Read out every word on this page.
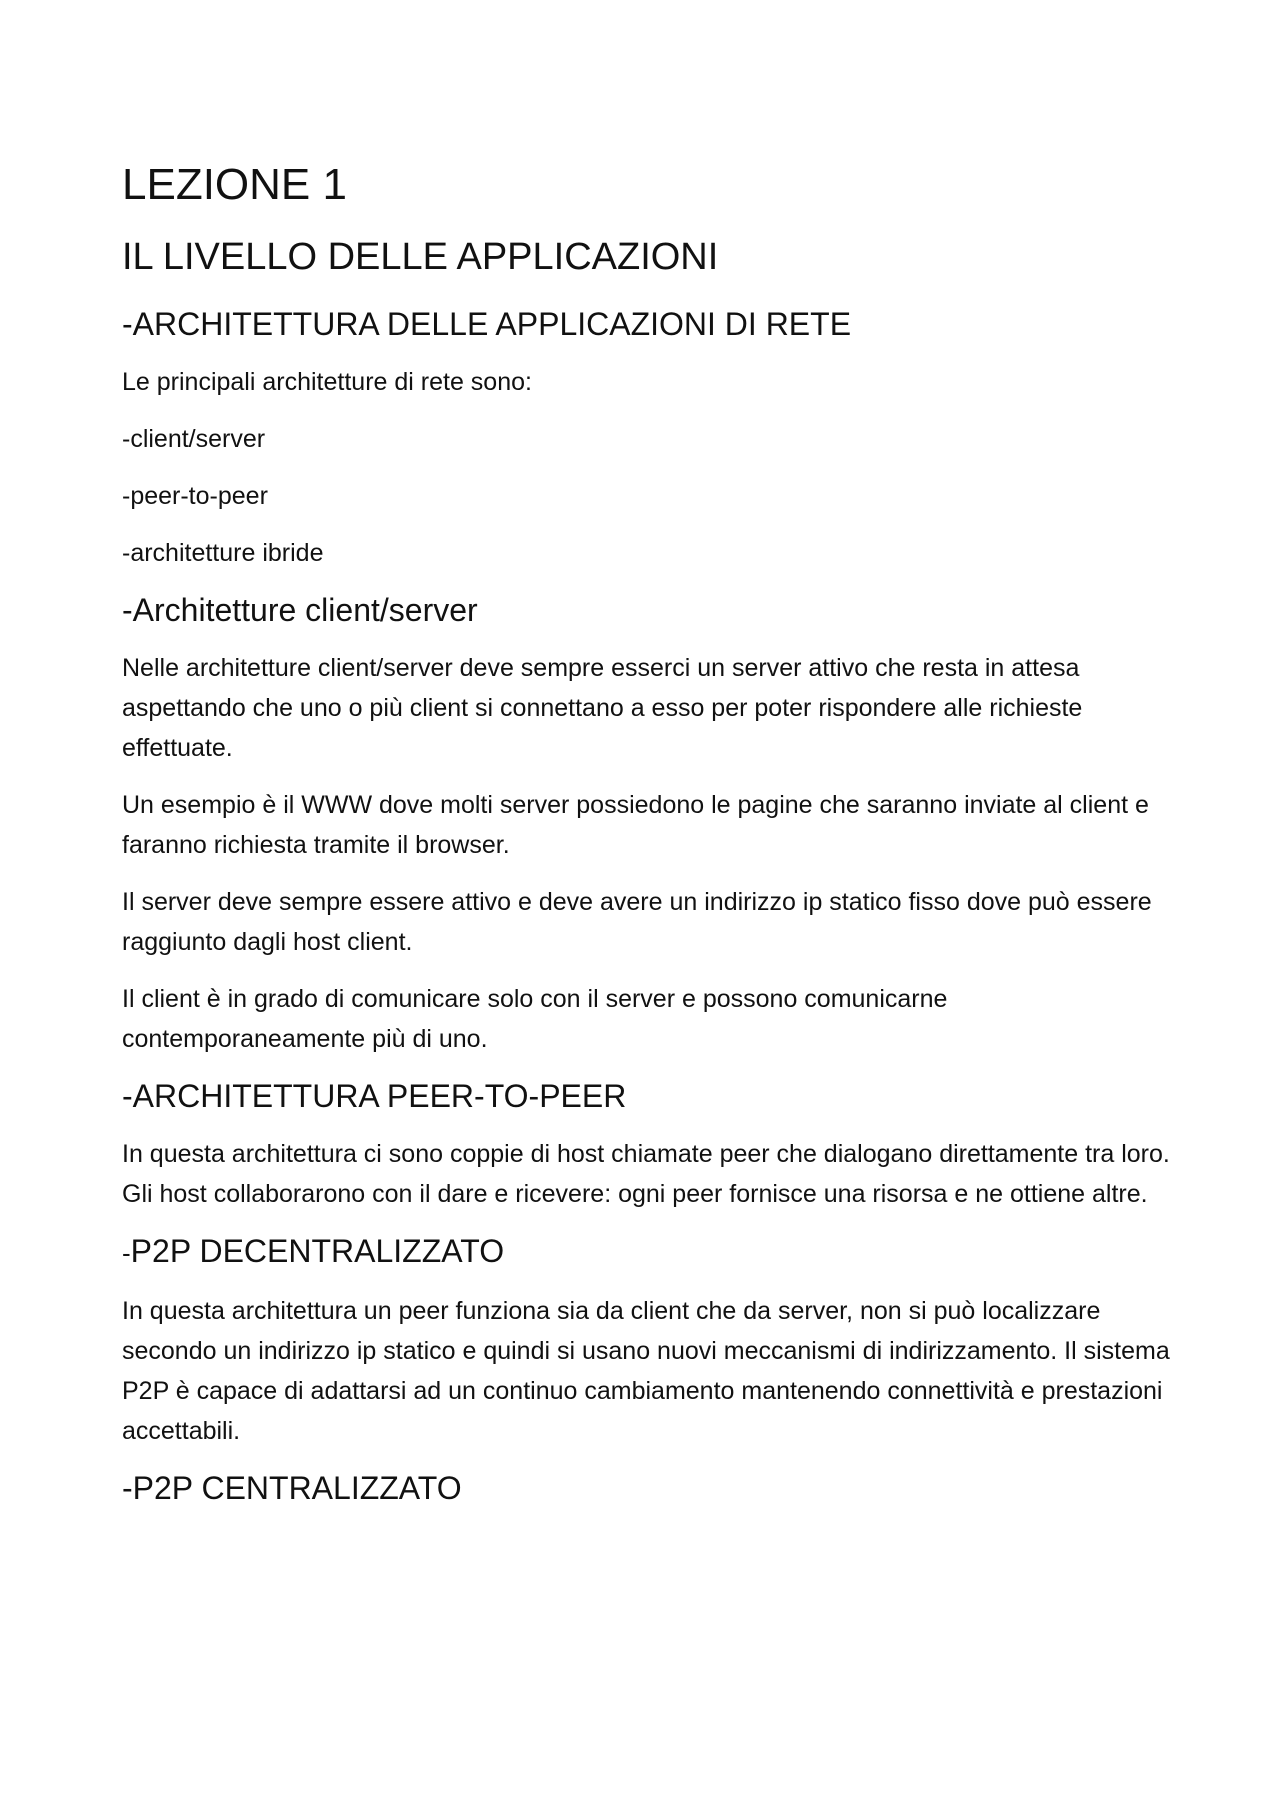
LEZIONE 1
IL LIVELLO DELLE APPLICAZIONI
-ARCHITETTURA DELLE APPLICAZIONI DI RETE

Le principali architetture di rete sono:

-client/server

-peer-to-peer

-architetture ibride

-Architetture client/server

Nelle architetture client/server deve sempre esserci un server attivo che resta in attesa aspettando che uno o più client si connettano a esso per poter rispondere alle richieste effettuate.

Un esempio è il WWW dove molti server possiedono le pagine che saranno inviate al client e faranno richiesta tramite il browser.

Il server deve sempre essere attivo e deve avere un indirizzo ip statico fisso dove può essere raggiunto dagli host client.

Il client è in grado di comunicare solo con il server e possono comunicarne contemporaneamente più di uno.

-ARCHITETTURA PEER-TO-PEER

In questa architettura ci sono coppie di host chiamate peer che dialogano direttamente tra loro. Gli host collaborarono con il dare e ricevere: ogni peer fornisce una risorsa e ne ottiene altre.

-P2P DECENTRALIZZATO

In questa architettura un peer funziona sia da client che da server, non si può localizzare secondo un indirizzo ip statico e quindi si usano nuovi meccanismi di indirizzamento. Il sistema P2P è capace di adattarsi ad un continuo cambiamento mantenendo connettività e prestazioni accettabili.

-P2P CENTRALIZZATO
